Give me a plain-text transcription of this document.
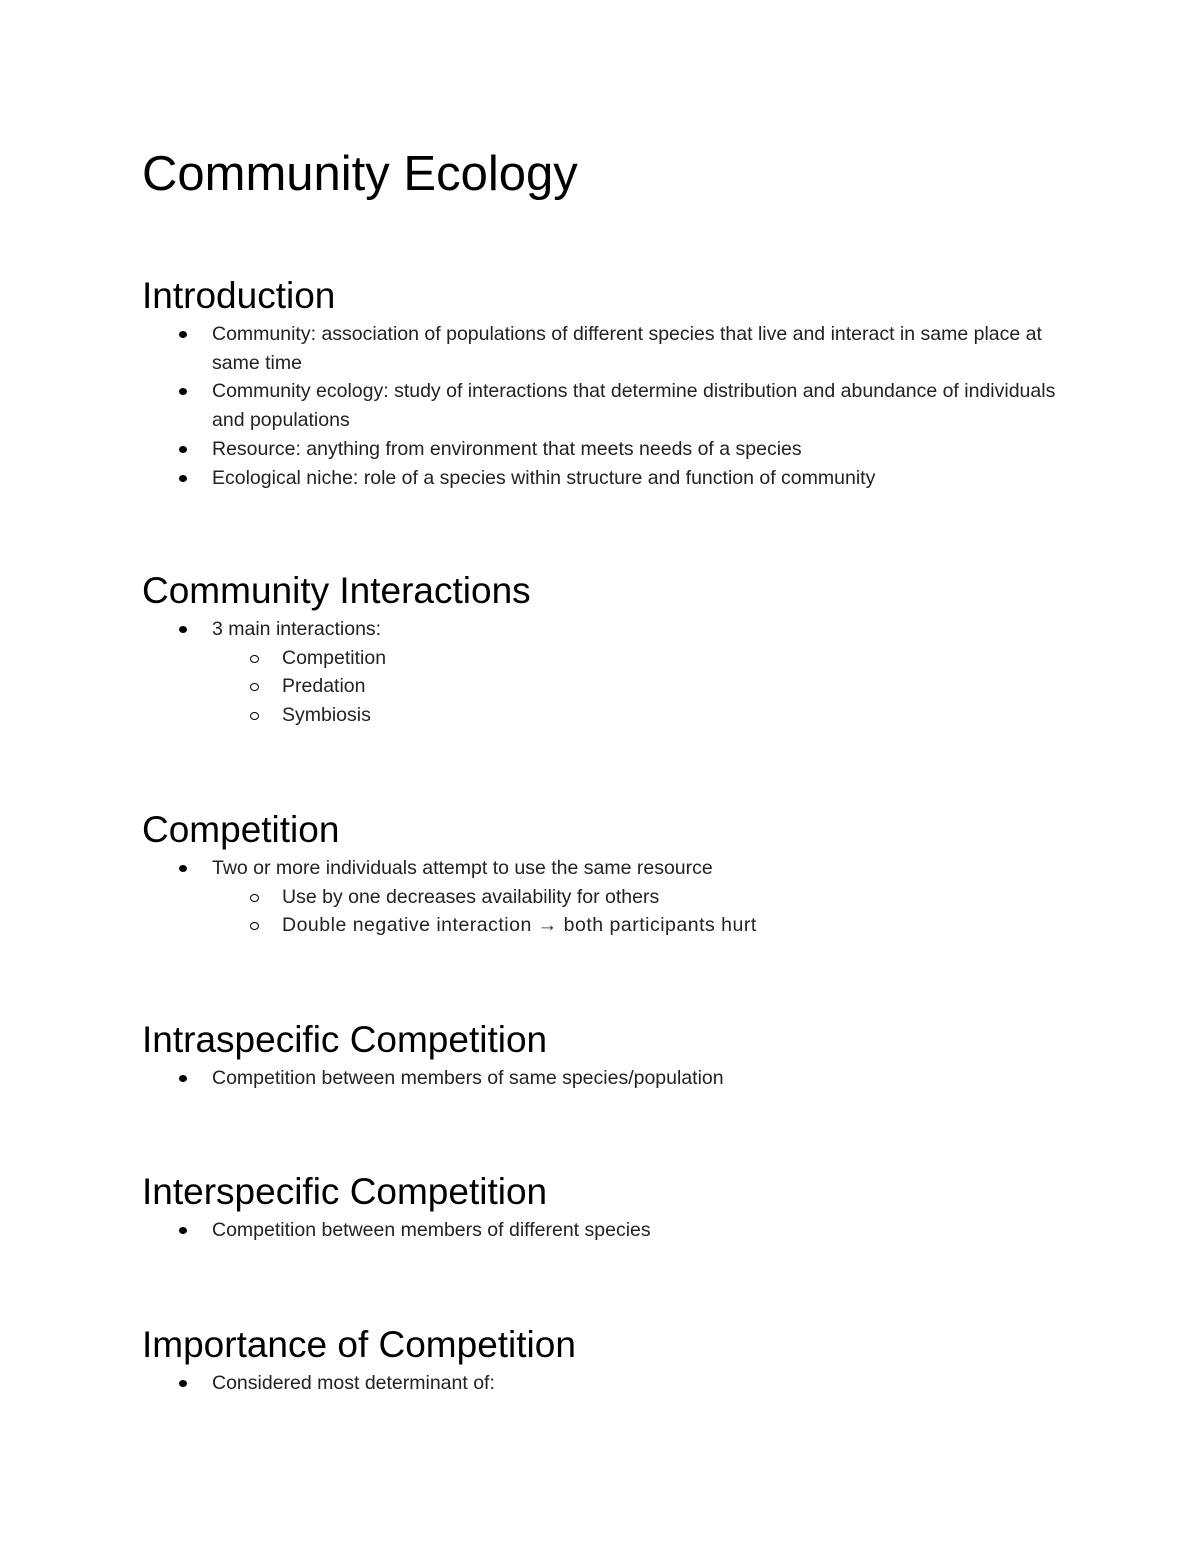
Community Ecology
Introduction
Community: association of populations of different species that live and interact in same place at same time
Community ecology: study of interactions that determine distribution and abundance of individuals and populations
Resource: anything from environment that meets needs of a species
Ecological niche: role of a species within structure and function of community
Community Interactions
3 main interactions:
Competition
Predation
Symbiosis
Competition
Two or more individuals attempt to use the same resource
Use by one decreases availability for others
Double negative interaction → both participants hurt
Intraspecific Competition
Competition between members of same species/population
Interspecific Competition
Competition between members of different species
Importance of Competition
Considered most determinant of:
